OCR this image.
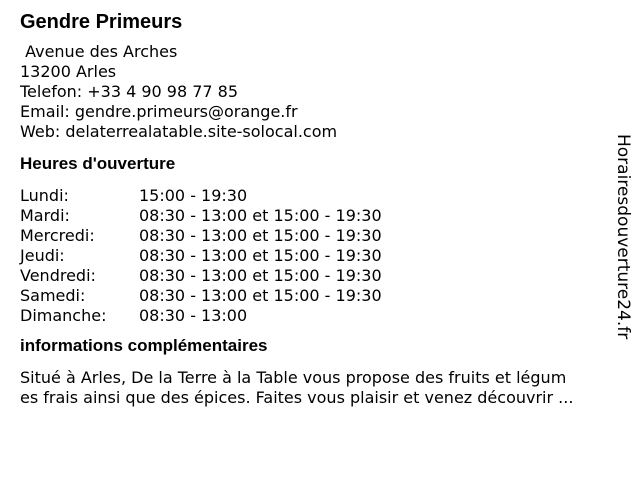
Gendre Primeurs
Avenue des Arches
13200 Arles
Telefon: +33 4 90 98 77 85
Email: gendre.primeurs@orange.fr
Web: delaterrealatable.site-solocal.com
Heures d'ouverture
Lundi:	15:00 - 19:30
Mardi:	08:30 - 13:00 et 15:00 - 19:30
Mercredi:	08:30 - 13:00 et 15:00 - 19:30
Jeudi:	08:30 - 13:00 et 15:00 - 19:30
Vendredi:	08:30 - 13:00 et 15:00 - 19:30
Samedi:	08:30 - 13:00 et 15:00 - 19:30
Dimanche:	08:30 - 13:00
informations complémentaires
Situé à Arles, De la Terre à la Table vous propose des fruits et légum
es frais ainsi que des épices. Faites vous plaisir et venez découvrir ...
Horairesdouverture24.fr
